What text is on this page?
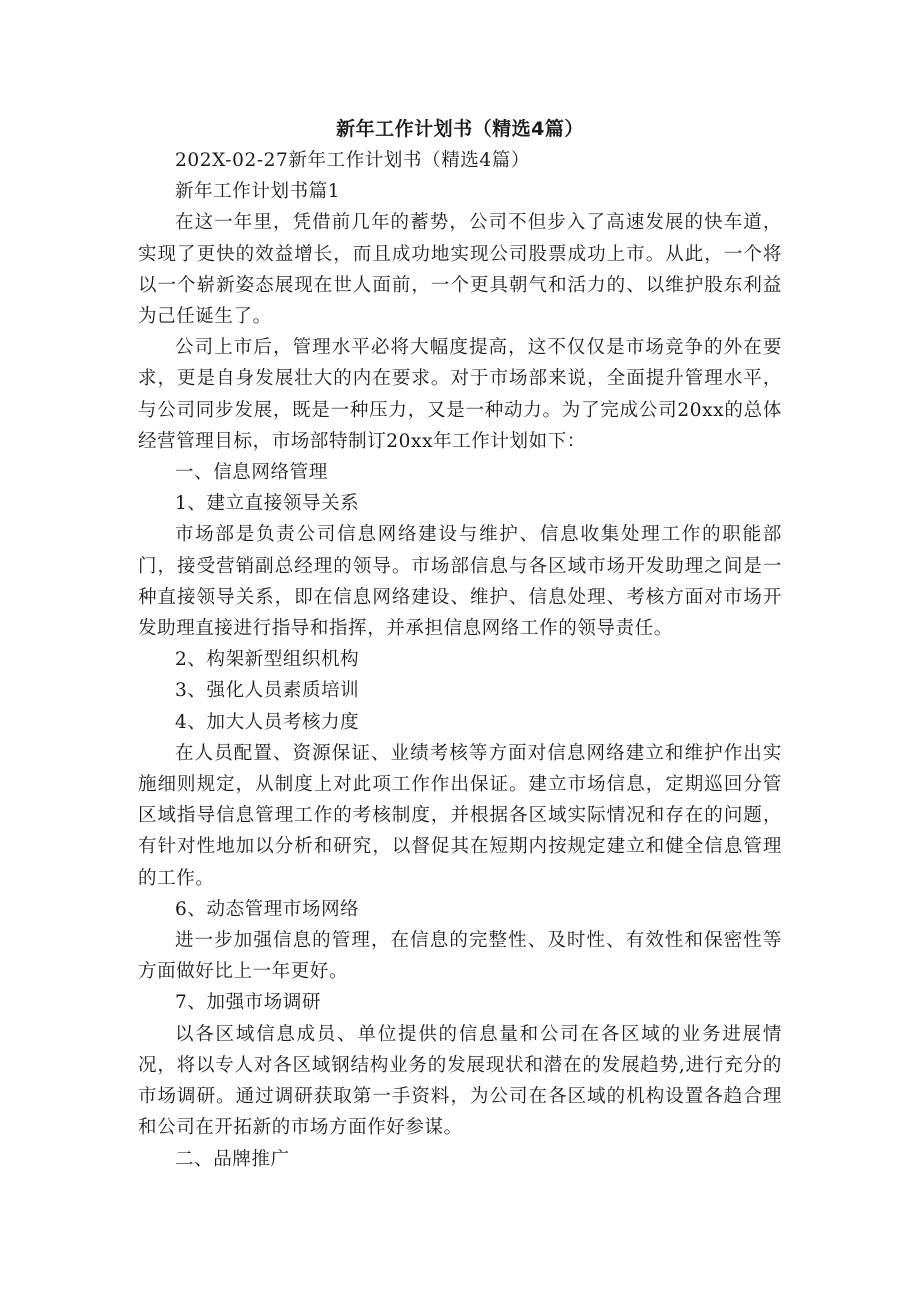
新年工作计划书（精选4篇）

202X-02-27新年工作计划书（精选4篇）

新年工作计划书篇1

在这一年里，凭借前几年的蓄势，公司不但步入了高速发展的快车道，实现了更快的效益增长，而且成功地实现公司股票成功上市。从此，一个将以一个崭新姿态展现在世人面前，一个更具朝气和活力的、以维护股东利益为己任诞生了。

公司上市后，管理水平必将大幅度提高，这不仅仅是市场竞争的外在要求，更是自身发展壮大的内在要求。对于市场部来说，全面提升管理水平，与公司同步发展，既是一种压力，又是一种动力。为了完成公司20xx的总体经营管理目标，市场部特制订20xx年工作计划如下：

一、信息网络管理

1、建立直接领导关系

市场部是负责公司信息网络建设与维护、信息收集处理工作的职能部门，接受营销副总经理的领导。市场部信息与各区域市场开发助理之间是一种直接领导关系，即在信息网络建设、维护、信息处理、考核方面对市场开发助理直接进行指导和指挥，并承担信息网络工作的领导责任。

2、构架新型组织机构

3、强化人员素质培训

4、加大人员考核力度

在人员配置、资源保证、业绩考核等方面对信息网络建立和维护作出实施细则规定，从制度上对此项工作作出保证。建立市场信息，定期巡回分管区域指导信息管理工作的考核制度，并根据各区域实际情况和存在的问题，有针对性地加以分析和研究，以督促其在短期内按规定建立和健全信息管理的工作。

6、动态管理市场网络

进一步加强信息的管理，在信息的完整性、及时性、有效性和保密性等方面做好比上一年更好。

7、加强市场调研

以各区域信息成员、单位提供的信息量和公司在各区域的业务进展情况，将以专人对各区域钢结构业务的发展现状和潜在的发展趋势,进行充分的市场调研。通过调研获取第一手资料，为公司在各区域的机构设置各趋合理和公司在开拓新的市场方面作好参谋。

二、品牌推广
